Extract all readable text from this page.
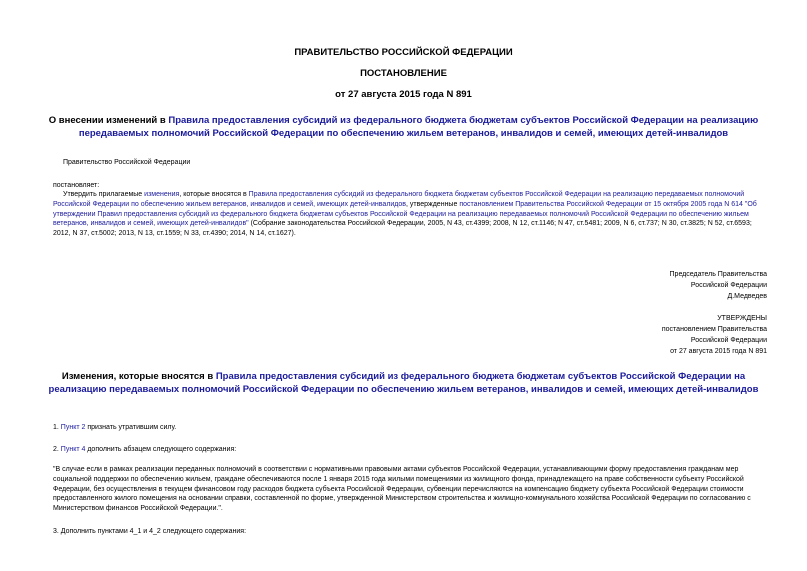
ПРАВИТЕЛЬСТВО РОССИЙСКОЙ ФЕДЕРАЦИИ
ПОСТАНОВЛЕНИЕ
от 27 августа 2015 года N 891
О внесении изменений в Правила предоставления субсидий из федерального бюджета бюджетам субъектов Российской Федерации на реализацию передаваемых полномочий Российской Федерации по обеспечению жильем ветеранов, инвалидов и семей, имеющих детей-инвалидов
Правительство Российской Федерации
постановляет:
Утвердить прилагаемые изменения, которые вносятся в Правила предоставления субсидий из федерального бюджета бюджетам субъектов Российской Федерации на реализацию передаваемых полномочий Российской Федерации по обеспечению жильем ветеранов, инвалидов и семей, имеющих детей-инвалидов, утвержденные постановлением Правительства Российской Федерации от 15 октября 2005 года N 614 "Об утверждении Правил предоставления субсидий из федерального бюджета бюджетам субъектов Российской Федерации на реализацию передаваемых полномочий Российской Федерации по обеспечению жильем ветеранов, инвалидов и семей, имеющих детей-инвалидов" (Собрание законодательства Российской Федерации, 2005, N 43, ст.4399; 2008, N 12, ст.1146; N 47, ст.5481; 2009, N 6, ст.737; N 30, ст.3825; N 52, ст.6593; 2012, N 37, ст.5002; 2013, N 13, ст.1559; N 33, ст.4390; 2014, N 14, ст.1627).

Председатель Правительства

Российской Федерации

Д.Медведев

УТВЕРЖДЕНЫ

постановлением Правительства

Российской Федерации

от 27 августа 2015 года N 891

Изменения, которые вносятся в Правила предоставления субсидий из федерального бюджета бюджетам субъектов Российской Федерации на реализацию передаваемых полномочий Российской Федерации по обеспечению жильем ветеранов, инвалидов и семей, имеющих детей-инвалидов
1. Пункт 2 признать утратившим силу.
2. Пункт 4 дополнить абзацем следующего содержания:
"В случае если в рамках реализации переданных полномочий в соответствии с нормативными правовыми актами субъектов Российской Федерации, устанавливающими форму предоставления гражданам мер социальной поддержки по обеспечению жильем, граждане обеспечиваются после 1 января 2015 года жилыми помещениями из жилищного фонда, принадлежащего на праве собственности субъекту Российской Федерации, без осуществления в текущем финансовом году расходов бюджета субъекта Российской Федерации, субвенции перечисляются на компенсацию бюджету субъекта Российской Федерации стоимости предоставленного жилого помещения на основании справки, составленной по форме, утвержденной Министерством строительства и жилищно-коммунального хозяйства Российской Федерации по согласованию с Министерством финансов Российской Федерации.".
3. Дополнить пунктами 4_1 и 4_2 следующего содержания:
